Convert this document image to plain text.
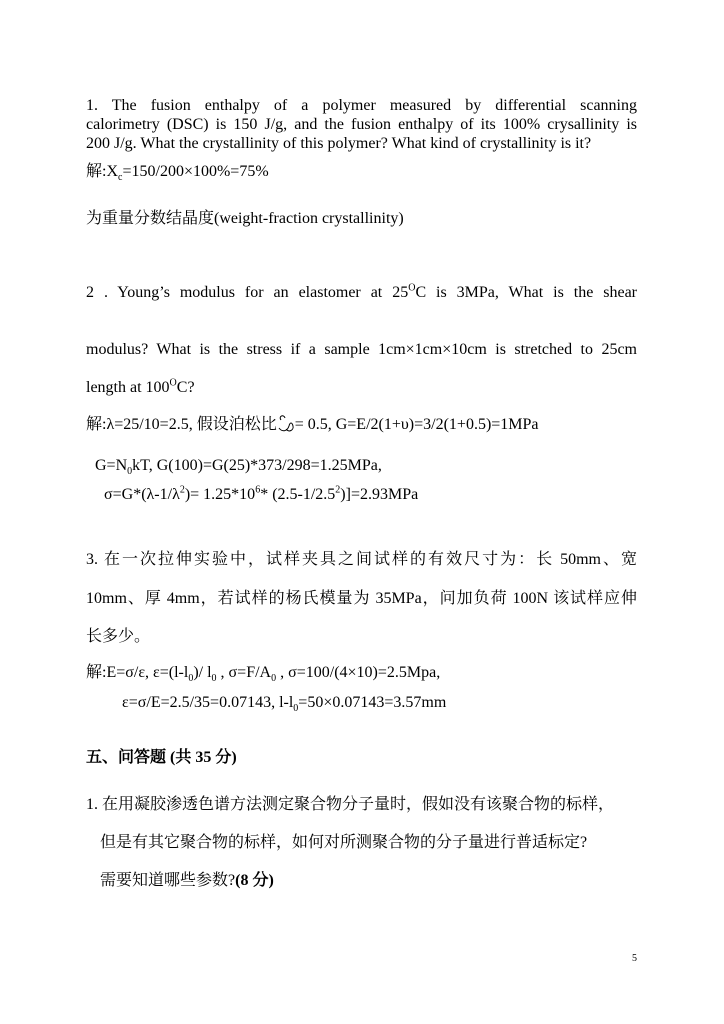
1. The fusion enthalpy of a polymer measured by differential scanning
calorimetry (DSC) is 150 J/g, and the fusion enthalpy of its 100% crysallinity is
200 J/g. What the crystallinity of this polymer? What kind of crystallinity is it?
解$:X_c=150/200\times 100\%=75\%$
为重量分数结晶度(weight-fraction crystallinity)
2 . Young’s modulus for an elastomer at $25^OC$ is 3MPa, What is the shear
modulus? What is the stress if a sample 1cm×1cm×10cm is stretched to 25cm
length at $100^OC$?
解:λ=25/10=2.5, 假设泊松比 = 0.5, G=E/2(1+υ)=3/2(1+0.5)=1MPa
$G=N_0kT$, G(100)=G(25)*373/298=1.25MPa,
$\sigma=G*(\lambda-1/\lambda^2)= 1.25*10^6*$ $(2.5-1/2.5^2)]=2.93MPa$
3. 在一次拉伸实验中，试样夹具之间试样的有效尺寸为：长 50mm、宽
10mm、厚 4mm，若试样的杨氏模量为 35MPa，问加负荷 100N 该试样应伸
长多少。
解:E=σ/ε, $\varepsilon=(l-l_0)/$ $l_0$ , $\sigma=F/A_0$ , σ=100/(4×10)=2.5Mpa,
ε=σ/E=2.5/35=0.07143, $l-l_0=50\times 0.07143=3.57mm$
五、问答题 (共 35 分)
1. 在用凝胶渗透色谱方法测定聚合物分子量时，假如没有该聚合物的标样，
但是有其它聚合物的标样，如何对所测聚合物的分子量进行普适标定?
需要知道哪些参数?(8 分)
5
